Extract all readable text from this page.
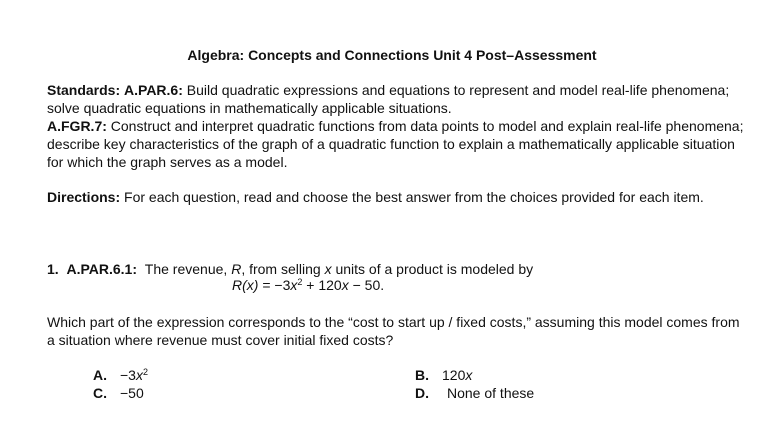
Algebra: Concepts and Connections Unit 4 Post–Assessment
Standards: A.PAR.6: Build quadratic expressions and equations to represent and model real-life phenomena; solve quadratic equations in mathematically applicable situations.
A.FGR.7: Construct and interpret quadratic functions from data points to model and explain real-life phenomena; describe key characteristics of the graph of a quadratic function to explain a mathematically applicable situation for which the graph serves as a model.
Directions: For each question, read and choose the best answer from the choices provided for each item.
1. A.PAR.6.1: The revenue, R, from selling x units of a product is modeled by
$R(x) = -3x^2 + 120x - 50$.
Which part of the expression corresponds to the “cost to start up / fixed costs,” assuming this model comes from a situation where revenue must cover initial fixed costs?
A. $-3x^2$	B. 120x
C. −50	D. None of these
